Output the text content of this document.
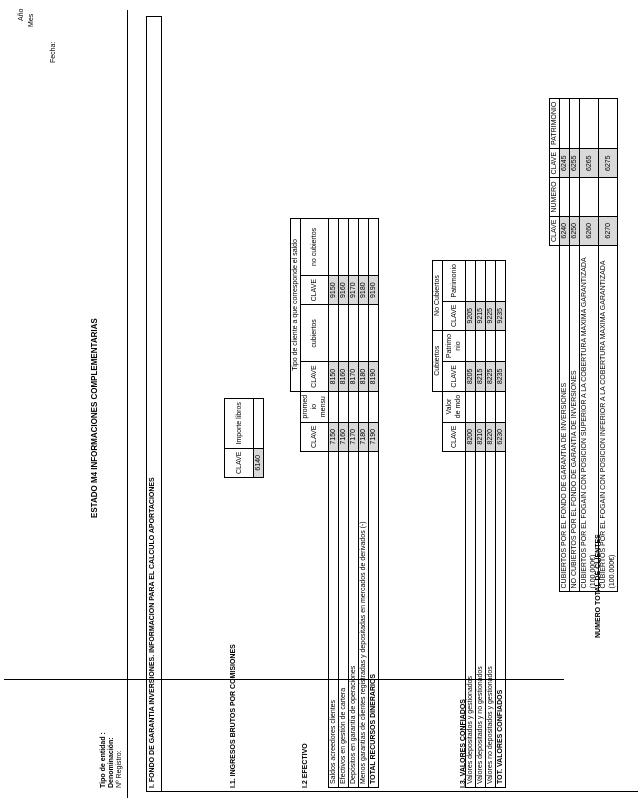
Año Mes
Fecha:
Tipo de entidad : Denominación: Nº Registro:
ESTADO M4 INFORMACIONES COMPLEMENTARIAS
I. FONDO DE GARANTIA INVERSIONES. INFORMACION PARA EL CALCULO APORTACIONES	I.1. INGRESOS BRUTOS POR COMISIONES
CLAVE	Importe libros
6140	
I.2 EFECTIVO
			Tipo de cliente a que corresponde el saldo			
	CLAVE	promed io mensu	CLAVE	cubiertos	CLAVE	no cubiertos
Saldos acreedores clientes	7150		8150		9150	
Efectivos en gestión de cartera	7160		8160		9160	
Depósitos en garantía de operaciones	7170		8170		9170	
Menos garantías de clientes registradas y depositadas en mercados de derivados (-)	7180		8180		9180	
TOTAL RECURSOS DINERARIOS	7190		8190		9190	
I.3. VALORES CONFIADOS
			Cubiertos		No Cubiertos	
	CLAVE	Valor de mdo	CLAVE	Patrimo nio	CLAVE	Patrimonio
Valores depositados y gestionados	8200		8205		9205	
Valores depositados y no gestionados	8210		8215		9215	
Valores no depositados y gestionados	8220		8225		9225	
TOT. VALORES CONFIADOS	6230		8235		9235	
NUMERO TOTAL DE CLIENTES
		CLAVE	NUMERO	CLAVE	PATRIMONIO
	CUBIERTOS POR EL FONDO DE GARANTIA DE INVERSIONES	6240		6245	
	NO CUBIERTOS POR EL FONDO DE GARANTIA DE INVERSIONES	6250		6255	
	CUBIERTOS POR EL FOGAIN CON POSICION SUPERIOR A LA COBERTURA MAXIMA GARANTIZADA (100.000€)	6260		6265	
	CUBIERTOS POR EL FOGAIN CON POSICION INFERIOR A LA COBERTURA MAXIMA GARANTIZADA (100.000€)	6270		6275	
